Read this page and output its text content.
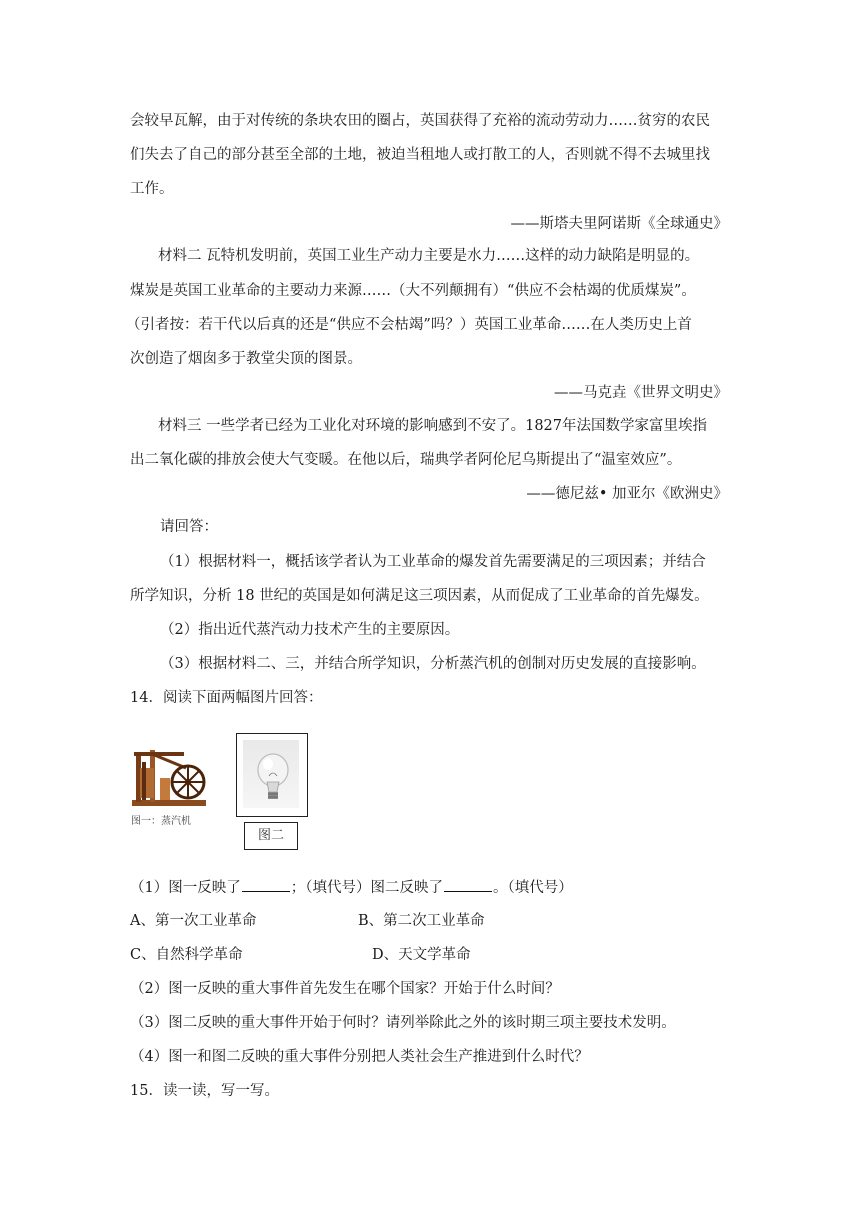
会较早瓦解，由于对传统的条块农田的圈占，英国获得了充裕的流动劳动力……贫穷的农民
们失去了自己的部分甚至全部的土地，被迫当租地人或打散工的人，否则就不得不去城里找
工作。
——斯塔夫里阿诺斯《全球通史》
材料二 瓦特机发明前，英国工业生产动力主要是水力……这样的动力缺陷是明显的。
煤炭是英国工业革命的主要动力来源……（大不列颠拥有）“供应不会枯竭的优质煤炭”。
（引者按：若干代以后真的还是“供应不会枯竭”吗？）英国工业革命……在人类历史上首
次创造了烟囱多于教堂尖顶的图景。
——马克垚《世界文明史》
材料三 一些学者已经为工业化对环境的影响感到不安了。1827年法国数学家富里埃指
出二氧化碳的排放会使大气变暖。在他以后，瑞典学者阿伦尼乌斯提出了“温室效应”。
——德尼兹• 加亚尔《欧洲史》
请回答：
（1）根据材料一，概括该学者认为工业革命的爆发首先需要满足的三项因素；并结合
所学知识，分析 18 世纪的英国是如何满足这三项因素，从而促成了工业革命的首先爆发。
（2）指出近代蒸汽动力技术产生的主要原因。
（3）根据材料二、三，并结合所学知识，分析蒸汽机的创制对历史发展的直接影响。
14．阅读下面两幅图片回答：
图一：蒸汽机
图二
（1）图一反映了	；（填代号）图二反映了	。（填代号）
A、第一次工业革命	B、第二次工业革命
C、自然科学革命	D、天文学革命
（2）图一反映的重大事件首先发生在哪个国家？开始于什么时间？
（3）图二反映的重大事件开始于何时？请列举除此之外的该时期三项主要技术发明。
（4）图一和图二反映的重大事件分别把人类社会生产推进到什么时代？
15．读一读，写一写。
